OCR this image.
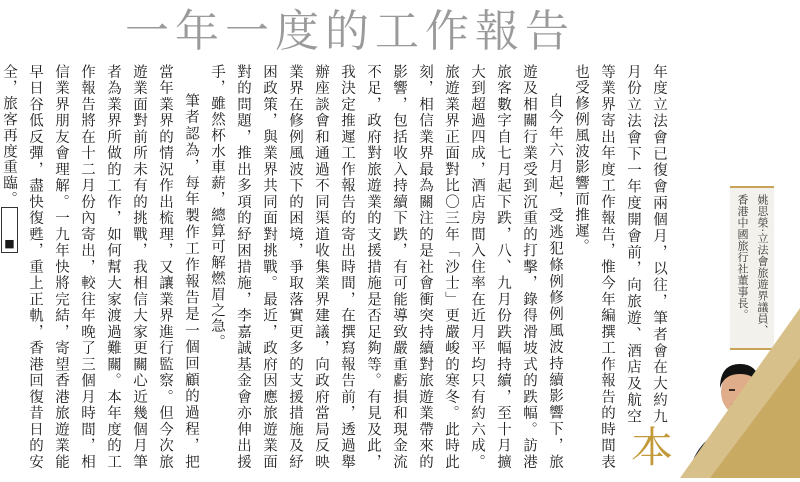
一年一度的工作報告

本
年度立法會已復會兩個月，以往，筆者會在大約九月份立法會下一年度開會前，向旅遊、酒店及航空等業界寄出年度工作報告，惟今年編撰工作報告的時間表也受修例風波影響而推遲。

自今年六月起，受逃犯條例修例風波持續影響下，旅遊及相關行業受到沉重的打擊，錄得滑坡式的跌幅。訪港旅客數字自七月起下跌，八、九月份跌幅持續，至十月擴大到超過四成，酒店房間入住率在近月平均只有約六成。旅遊業界正面對比〇三年「沙士」更嚴峻的寒冬。此時此刻，相信業界最為關注的是社會衝突持續對旅遊業帶來的影響，包括收入持續下跌，有可能導致嚴重虧損和現金流不足，政府對旅遊業的支援措施是否足夠等。有見及此，我決定推遲工作報告的寄出時間，在撰寫報告前，透過舉辦座談會和通過不同渠道收集業界建議，向政府當局反映業界在修例風波下的困境，爭取落實更多的支援措施及紓困政策，與業界共同面對挑戰。最近，政府因應旅遊業面對的問題，推出多項的紓困措施，李嘉誠基金會亦伸出援手，雖然杯水車薪，總算可解燃眉之急。

筆者認為，每年製作工作報告是一個回顧的過程，把當年業界的情況作出梳理，又讓業界進行監察。但今次旅遊業面對前所未有的挑戰，我相信大家更關心近幾個月筆者為業界所做的工作，如何幫大家渡過難關。本年度的工作報告將在十二月份內寄出，較往年晚了三個月時間，相信業界朋友會理解。一九年快將完結，寄望香港旅遊業能早日谷低反彈，盡快復甦，重上正軌，香港回復昔日的安全，旅客再度重臨。■

姚思榮·立法會旅遊界議員、
香港中國旅行社董事長。
